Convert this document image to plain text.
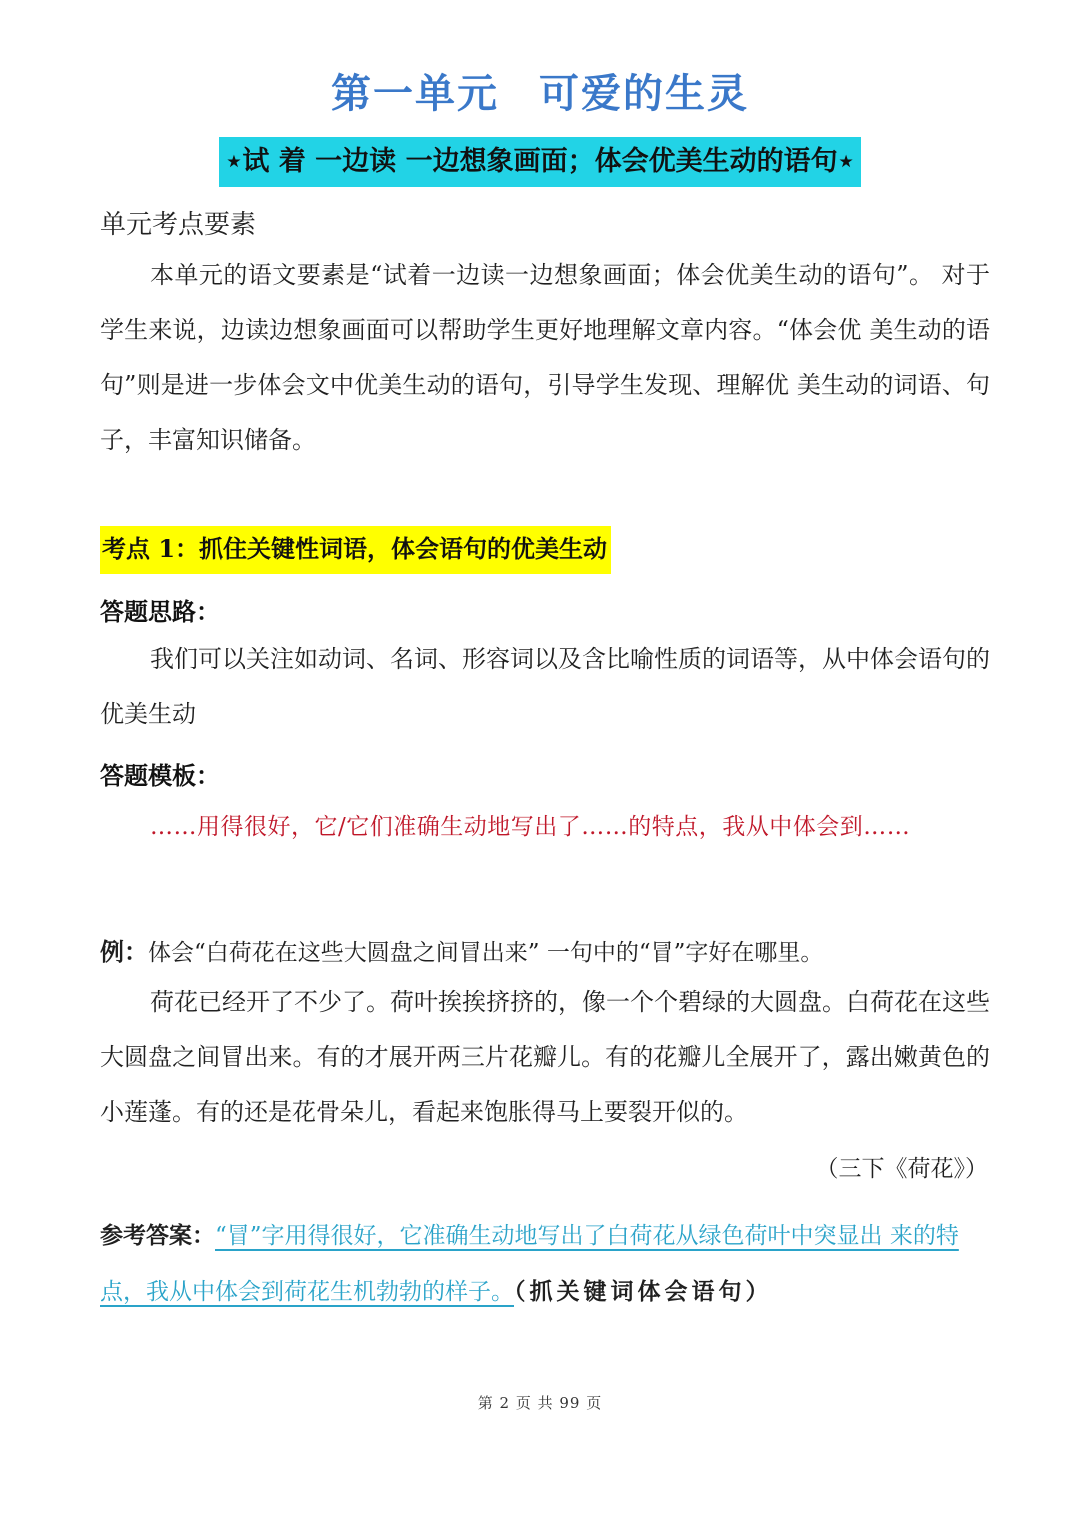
第一单元 可爱的生灵
⋆试 着 一边读 一边想象画面；体会优美生动的语句⋆
单元考点要素
本单元的语文要素是“试着一边读一边想象画面；体会优美生动的语句”。 对于学生来说，边读边想象画面可以帮助学生更好地理解文章内容。“体会优 美生动的语句”则是进一步体会文中优美生动的语句，引导学生发现、理解优 美生动的词语、句子，丰富知识储备。
考点 1：抓住关键性词语，体会语句的优美生动
答题思路：
我们可以关注如动词、名词、形容词以及含比喻性质的词语等，从中体会语句的优美生动
答题模板：
……用得很好，它/它们准确生动地写出了……的特点，我从中体会到……
例：体会“白荷花在这些大圆盘之间冒出来” 一句中的“冒”字好在哪里。
荷花已经开了不少了。荷叶挨挨挤挤的，像一个个碧绿的大圆盘。白荷花在这些大圆盘之间冒出来。有的才展开两三片花瓣儿。有的花瓣儿全展开了，露出嫩黄色的小莲蓬。有的还是花骨朵儿，看起来饱胀得马上要裂开似的。
（三下《荷花》）
参考答案：“冒”字用得很好，它准确生动地写出了白荷花从绿色荷叶中突显出 来的特点，我从中体会到荷花生机勃勃的样子。（抓关键词体会语句）
第 2 页 共 99 页
